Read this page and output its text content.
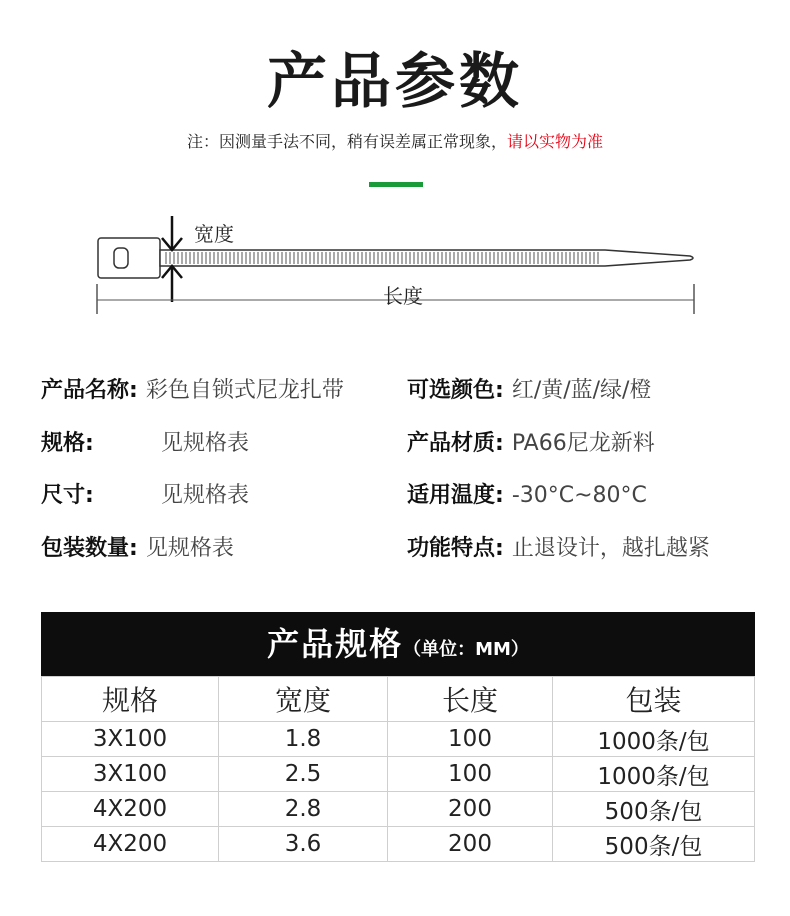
产品参数
注：因测量手法不同，稍有误差属正常现象，请以实物为准
宽度
长度
产品名称: 彩色自锁式尼龙扎带
规格:	见规格表
尺寸:	见规格表
包装数量: 见规格表
可选颜色: 红/黄/蓝/绿/橙
产品材质: PA66尼龙新料
适用温度: -30°C~80°C
功能特点: 止退设计，越扎越紧
产品规格（单位：MM）
规格	宽度	长度	包装
3X100	1.8	100	1000条/包
3X100	2.5	100	1000条/包
4X200	2.8	200	500条/包
4X200	3.6	200	500条/包
